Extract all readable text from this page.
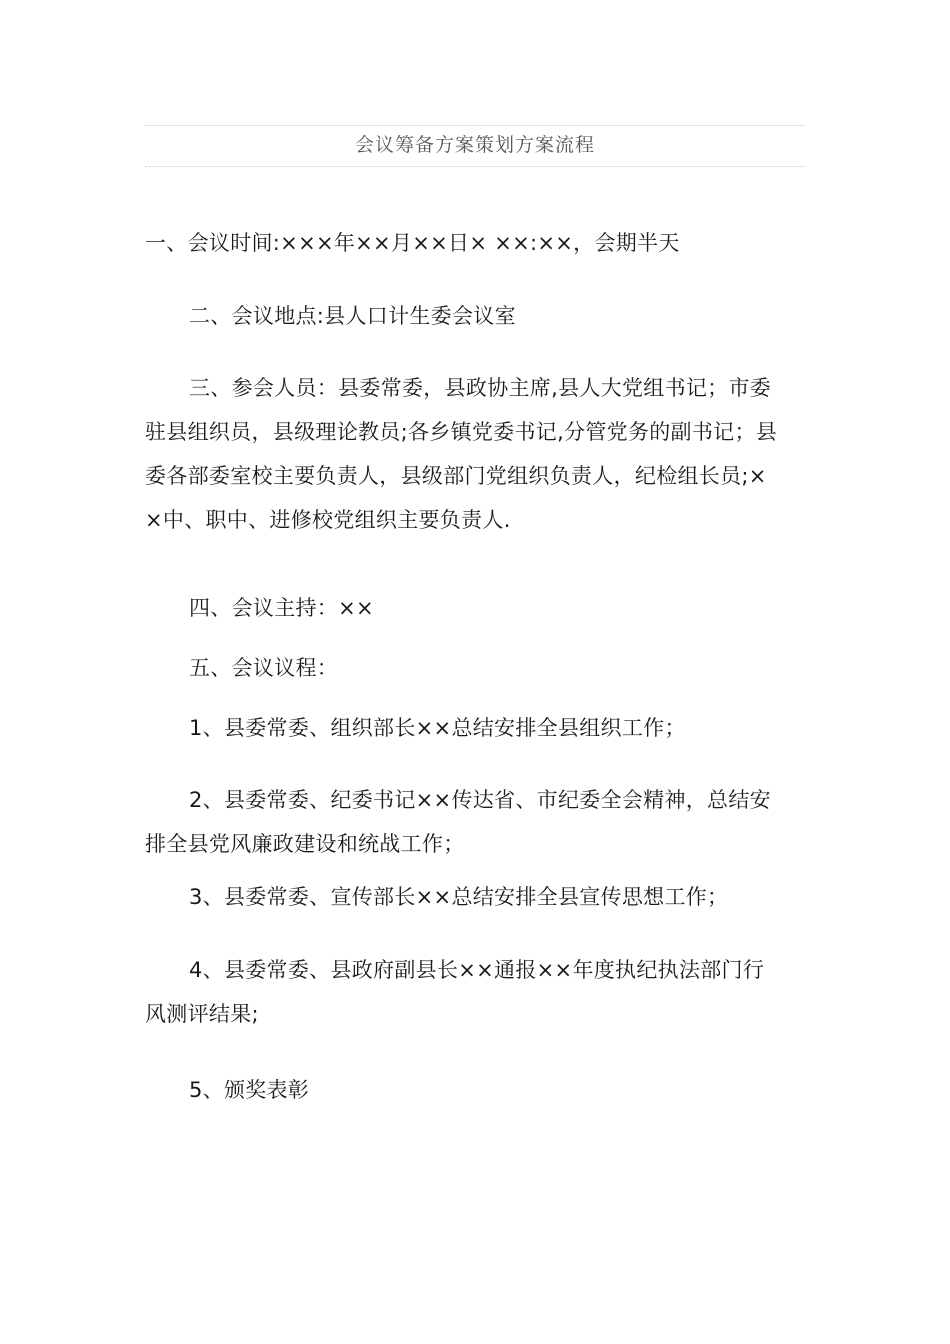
会议筹备方案策划方案流程

一、会议时间:×××年××月××日× ××:××，会期半天

二、会议地点:县人口计生委会议室

三、参会人员：县委常委，县政协主席,县人大党组书记；市委
驻县组织员，县级理论教员;各乡镇党委书记,分管党务的副书记；县
委各部委室校主要负责人，县级部门党组织负责人，纪检组长员;×
×中、职中、进修校党组织主要负责人.

四、会议主持：××

五、会议议程：

1、县委常委、组织部长××总结安排全县组织工作；

2、县委常委、纪委书记××传达省、市纪委全会精神，总结安
排全县党风廉政建设和统战工作；

3、县委常委、宣传部长××总结安排全县宣传思想工作；

4、县委常委、县政府副县长××通报××年度执纪执法部门行
风测评结果;

5、颁奖表彰
